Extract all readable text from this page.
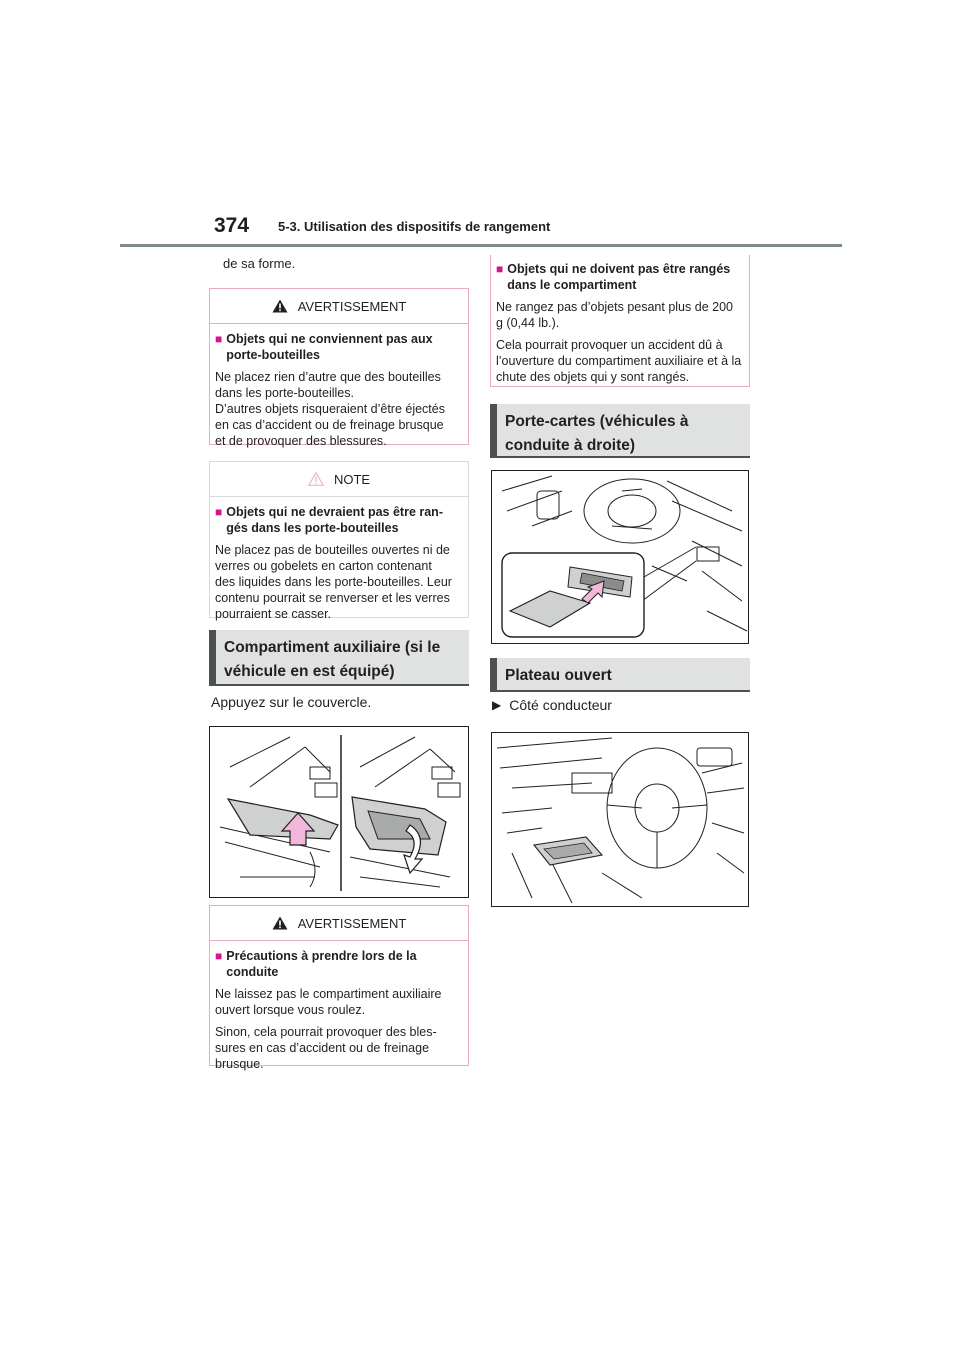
374 5-3. Utilisation des dispositifs de rangement
de sa forme.
AVERTISSEMENT
■ Objets qui ne conviennent pas aux porte-bouteilles
Ne placez rien d’autre que des bouteilles
dans les porte-bouteilles.
D’autres objets risqueraient d’être éjectés
en cas d’accident ou de freinage brusque
et de provoquer des blessures.
NOTE
■ Objets qui ne devraient pas être ran-gés dans les porte-bouteilles
Ne placez pas de bouteilles ouvertes ni de
verres ou gobelets en carton contenant
des liquides dans les porte-bouteilles. Leur
contenu pourrait se renverser et les verres
pourraient se casser.
Compartiment auxiliaire (si le véhicule en est équipé)
Appuyez sur le couvercle.
AVERTISSEMENT
■ Précautions à prendre lors de la conduite

Ne laissez pas le compartiment auxiliaire ouvert lorsque vous roulez.

Sinon, cela pourrait provoquer des bles-sures en cas d’accident ou de freinage brusque.

■ Objets qui ne doivent pas être rangés dans le compartiment

Ne rangez pas d’objets pesant plus de 200 g (0,44 lb.).

Cela pourrait provoquer un accident dû à l’ouverture du compartiment auxiliaire et à la chute des objets qui y sont rangés.

Porte-cartes (véhicules à conduite à droite)
Plateau ouvert
▶ Côté conducteur
